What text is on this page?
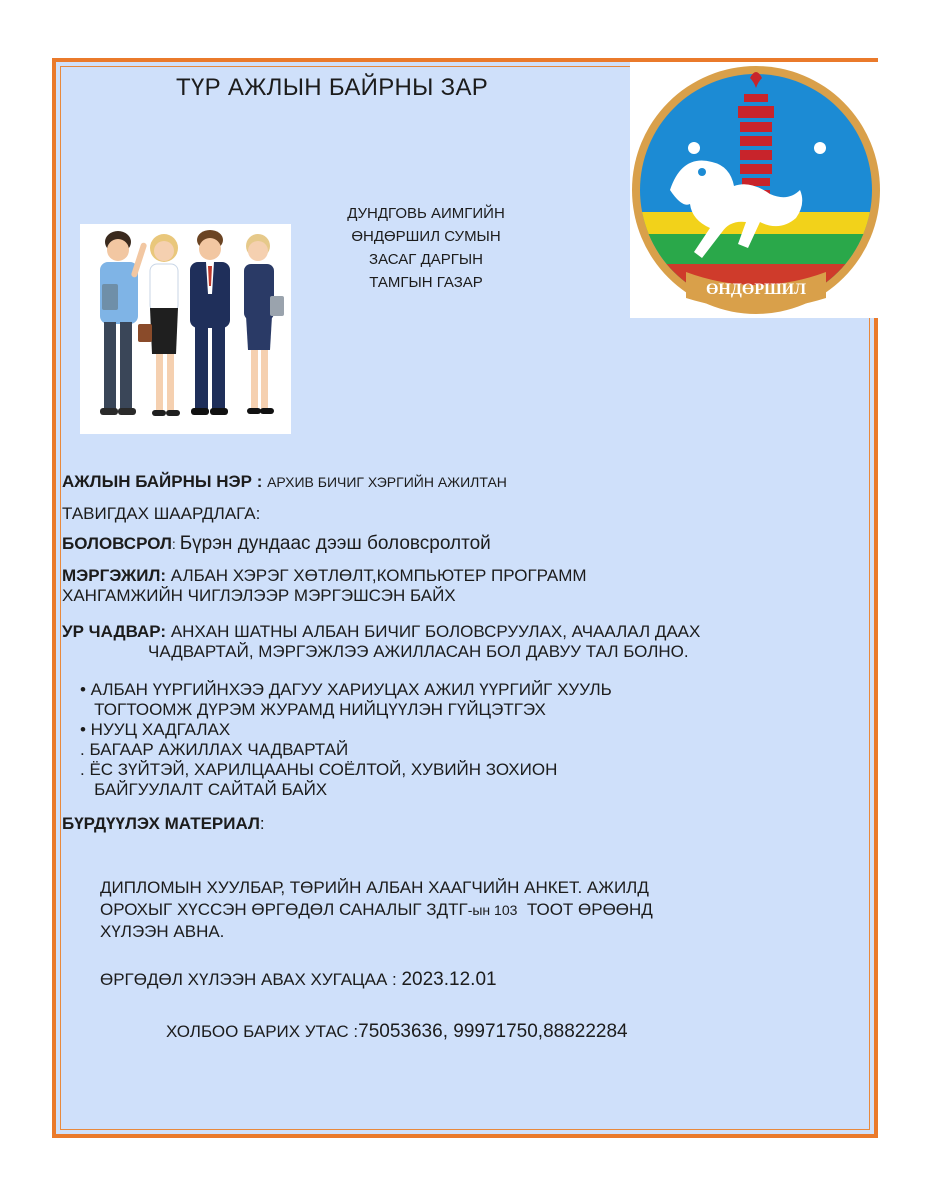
ТҮР АЖЛЫН БАЙРНЫ ЗАР
ДУНДГОВЬ АИМГИЙН
ӨНДӨРШИЛ СУМЫН
ЗАСАГ ДАРГЫН
ТАМГЫН ГАЗАР	ӨНДӨРШИЛ
АЖЛЫН БАЙРНЫ НЭР : АРХИВ БИЧИГ ХЭРГИЙН АЖИЛТАН
ТАВИГДАХ ШААРДЛАГА:
БОЛОВСРОЛ: Бүрэн дундаас дээш боловсролтой
МЭРГЭЖИЛ: АЛБАН ХЭРЭГ ХӨТЛӨЛТ,КОМПЬЮТЕР ПРОГРАММ
ХАНГАМЖИЙН ЧИГЛЭЛЭЭР МЭРГЭШСЭН БАЙХ
УР ЧАДВАР: АНХАН ШАТНЫ АЛБАН БИЧИГ БОЛОВСРУУЛАХ, АЧААЛАЛ ДААХ
ЧАДВАРТАЙ, МЭРГЭЖЛЭЭ АЖИЛЛАСАН БОЛ ДАВУУ ТАЛ БОЛНО.
• АЛБАН ҮҮРГИЙНХЭЭ ДАГУУ ХАРИУЦАХ АЖИЛ ҮҮРГИЙГ ХУУЛЬ
ТОГТООМЖ ДҮРЭМ ЖУРАМД НИЙЦҮҮЛЭН ГҮЙЦЭТГЭХ
• НУУЦ ХАДГАЛАХ
. БАГААР АЖИЛЛАХ ЧАДВАРТАЙ
. ЁС ЗҮЙТЭЙ, ХАРИЛЦААНЫ СОЁЛТОЙ, ХУВИЙН ЗОХИОН
БАЙГУУЛАЛТ САЙТАЙ БАЙХ
БҮРДҮҮЛЭХ МАТЕРИАЛ:
ДИПЛОМЫН ХУУЛБАР, ТӨРИЙН АЛБАН ХААГЧИЙН АНКЕТ. АЖИЛД
ОРОХЫГ ХҮССЭН ӨРГӨДӨЛ САНАЛЫГ ЗДТГ-ын 103  ТООТ ӨРӨӨНД
ХҮЛЭЭН АВНА.
ӨРГӨДӨЛ ХҮЛЭЭН АВАХ ХУГАЦАА : 2023.12.01
ХОЛБОО БАРИХ УТАС :75053636, 99971750,88822284
